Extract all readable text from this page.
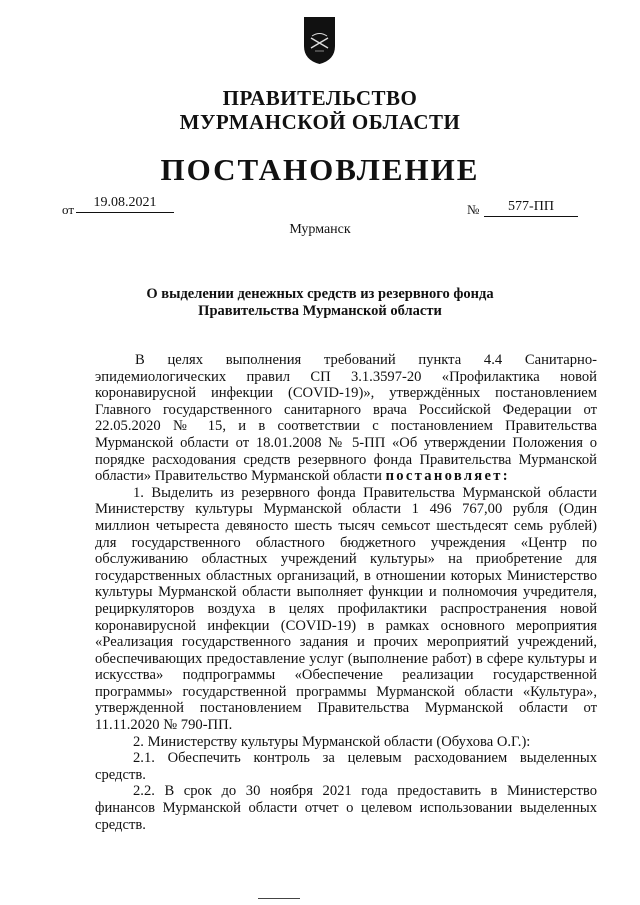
ПРАВИТЕЛЬСТВО
МУРМАНСКОЙ ОБЛАСТИ
ПОСТАНОВЛЕНИЕ
от	19.08.2021	№	577-ПП
Мурманск
О выделении денежных средств из резервного фонда
Правительства Мурманской области

В целях выполнения требований пункта 4.4 Санитарно-эпидемиологических правил СП 3.1.3597-20 «Профилактика новой коронавирусной инфекции (COVID-19)», утверждённых постановлением Главного государственного санитарного врача Российской Федерации от 22.05.2020 № 15, и в соответствии с постановлением Правительства Мурманской области от 18.01.2008 № 5-ПП «Об утверждении Положения о порядке расходования средств резервного фонда Правительства Мурманской области» Правительство Мурманской области постановляет:

1. Выделить из резервного фонда Правительства Мурманской области Министерству культуры Мурманской области 1 496 767,00 рубля (Один миллион четыреста девяносто шесть тысяч семьсот шестьдесят семь рублей) для государственного областного бюджетного учреждения «Центр по обслуживанию областных учреждений культуры» на приобретение для государственных областных организаций, в отношении которых Министерство культуры Мурманской области выполняет функции и полномочия учредителя, рециркуляторов воздуха в целях профилактики распространения новой коронавирусной инфекции (COVID-19) в рамках основного мероприятия «Реализация государственного задания и прочих мероприятий учреждений, обеспечивающих предоставление услуг (выполнение работ) в сфере культуры и искусства» подпрограммы «Обеспечение реализации государственной программы» государственной программы Мурманской области «Культура», утвержденной постановлением Правительства Мурманской области от 11.11.2020 № 790-ПП.

2. Министерству культуры Мурманской области (Обухова О.Г.):

2.1. Обеспечить контроль за целевым расходованием выделенных средств.

2.2. В срок до 30 ноября 2021 года предоставить в Министерство финансов Мурманской области отчет о целевом использовании выделенных средств.
